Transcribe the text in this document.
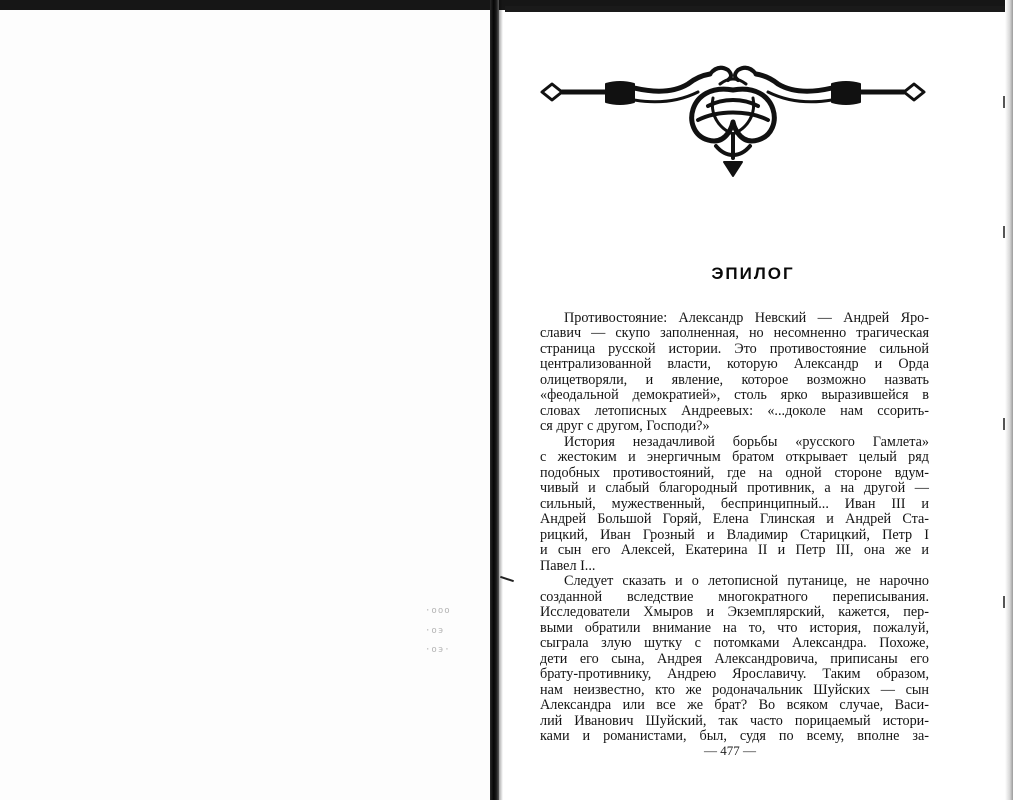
·ооо
·оэ
·оэ·
ЭПИЛОГ
Противостояние: Александр Невский — Андрей Яро-
славич — скупо заполненная, но несомненно трагическая
страница русской истории. Это противостояние сильной
централизованной власти, которую Александр и Орда
олицетворяли, и явление, которое возможно назвать
«феодальной демократией», столь ярко выразившейся в
словах летописных Андреевых: «...доколе нам ссорить-
ся друг с другом, Господи?»
История незадачливой борьбы «русского Гамлета»
с жестоким и энергичным братом открывает целый ряд
подобных противостояний, где на одной стороне вдум-
чивый и слабый благородный противник, а на другой —
сильный, мужественный, беспринципный... Иван III и
Андрей Большой Горяй, Елена Глинская и Андрей Ста-
рицкий, Иван Грозный и Владимир Старицкий, Петр I
и сын его Алексей, Екатерина II и Петр III, она же и
Павел I...
Следует сказать и о летописной путанице, не нарочно
созданной вследствие многократного переписывания.
Исследователи Хмыров и Экземплярский, кажется, пер-
выми обратили внимание на то, что история, пожалуй,
сыграла злую шутку с потомками Александра. Похоже,
дети его сына, Андрея Александровича, приписаны его
брату-противнику, Андрею Ярославичу. Таким образом,
нам неизвестно, кто же родоначальник Шуйских — сын
Александра или все же брат? Во всяком случае, Васи-
лий Иванович Шуйский, так часто порицаемый истори-
ками и романистами, был, судя по всему, вполне за-
— 477 —
